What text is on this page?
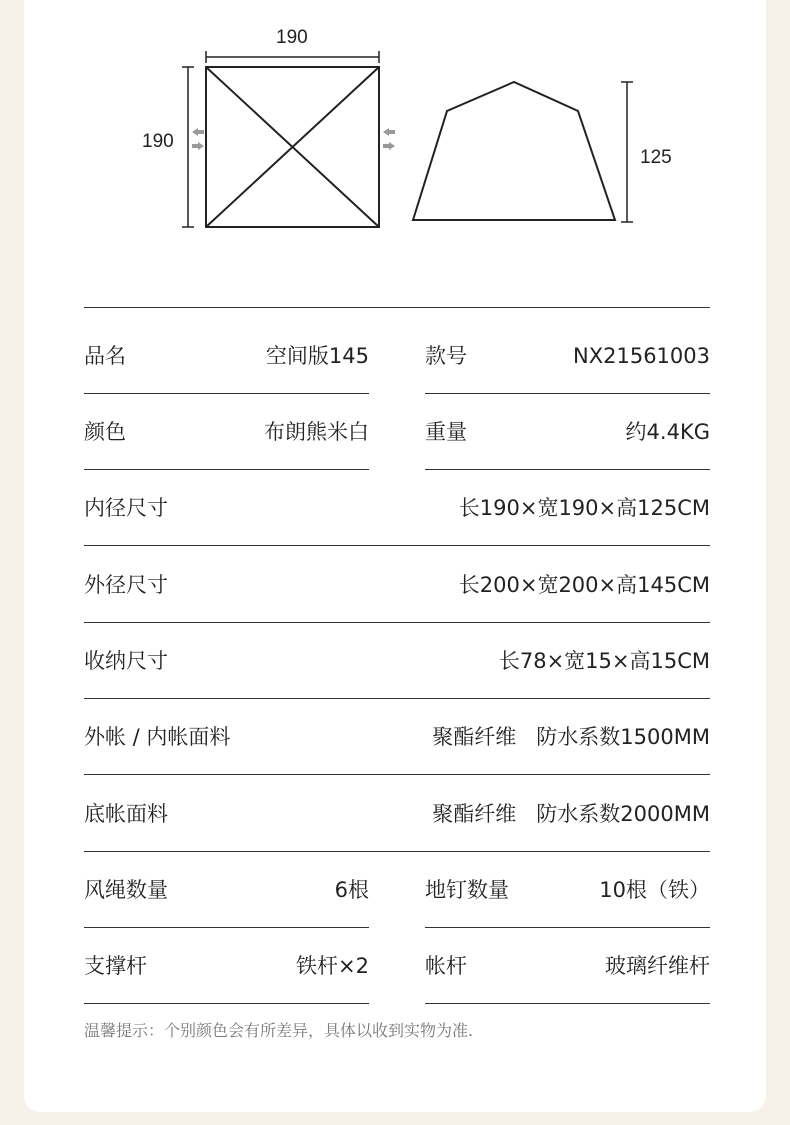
190
190
125
品名	空间版145	款号	NX21561003
颜色	布朗熊米白	重量	约4.4KG
内径尺寸	长190×宽190×高125CM
外径尺寸	长200×宽200×高145CM
收纳尺寸	长78×宽15×高15CM
外帐 / 内帐面料	聚酯纤维   防水系数1500MM
底帐面料	聚酯纤维   防水系数2000MM
风绳数量	6根	地钉数量	10根（铁）
支撑杆	铁杆×2	帐杆	玻璃纤维杆
温馨提示：个别颜色会有所差异，具体以收到实物为准.
